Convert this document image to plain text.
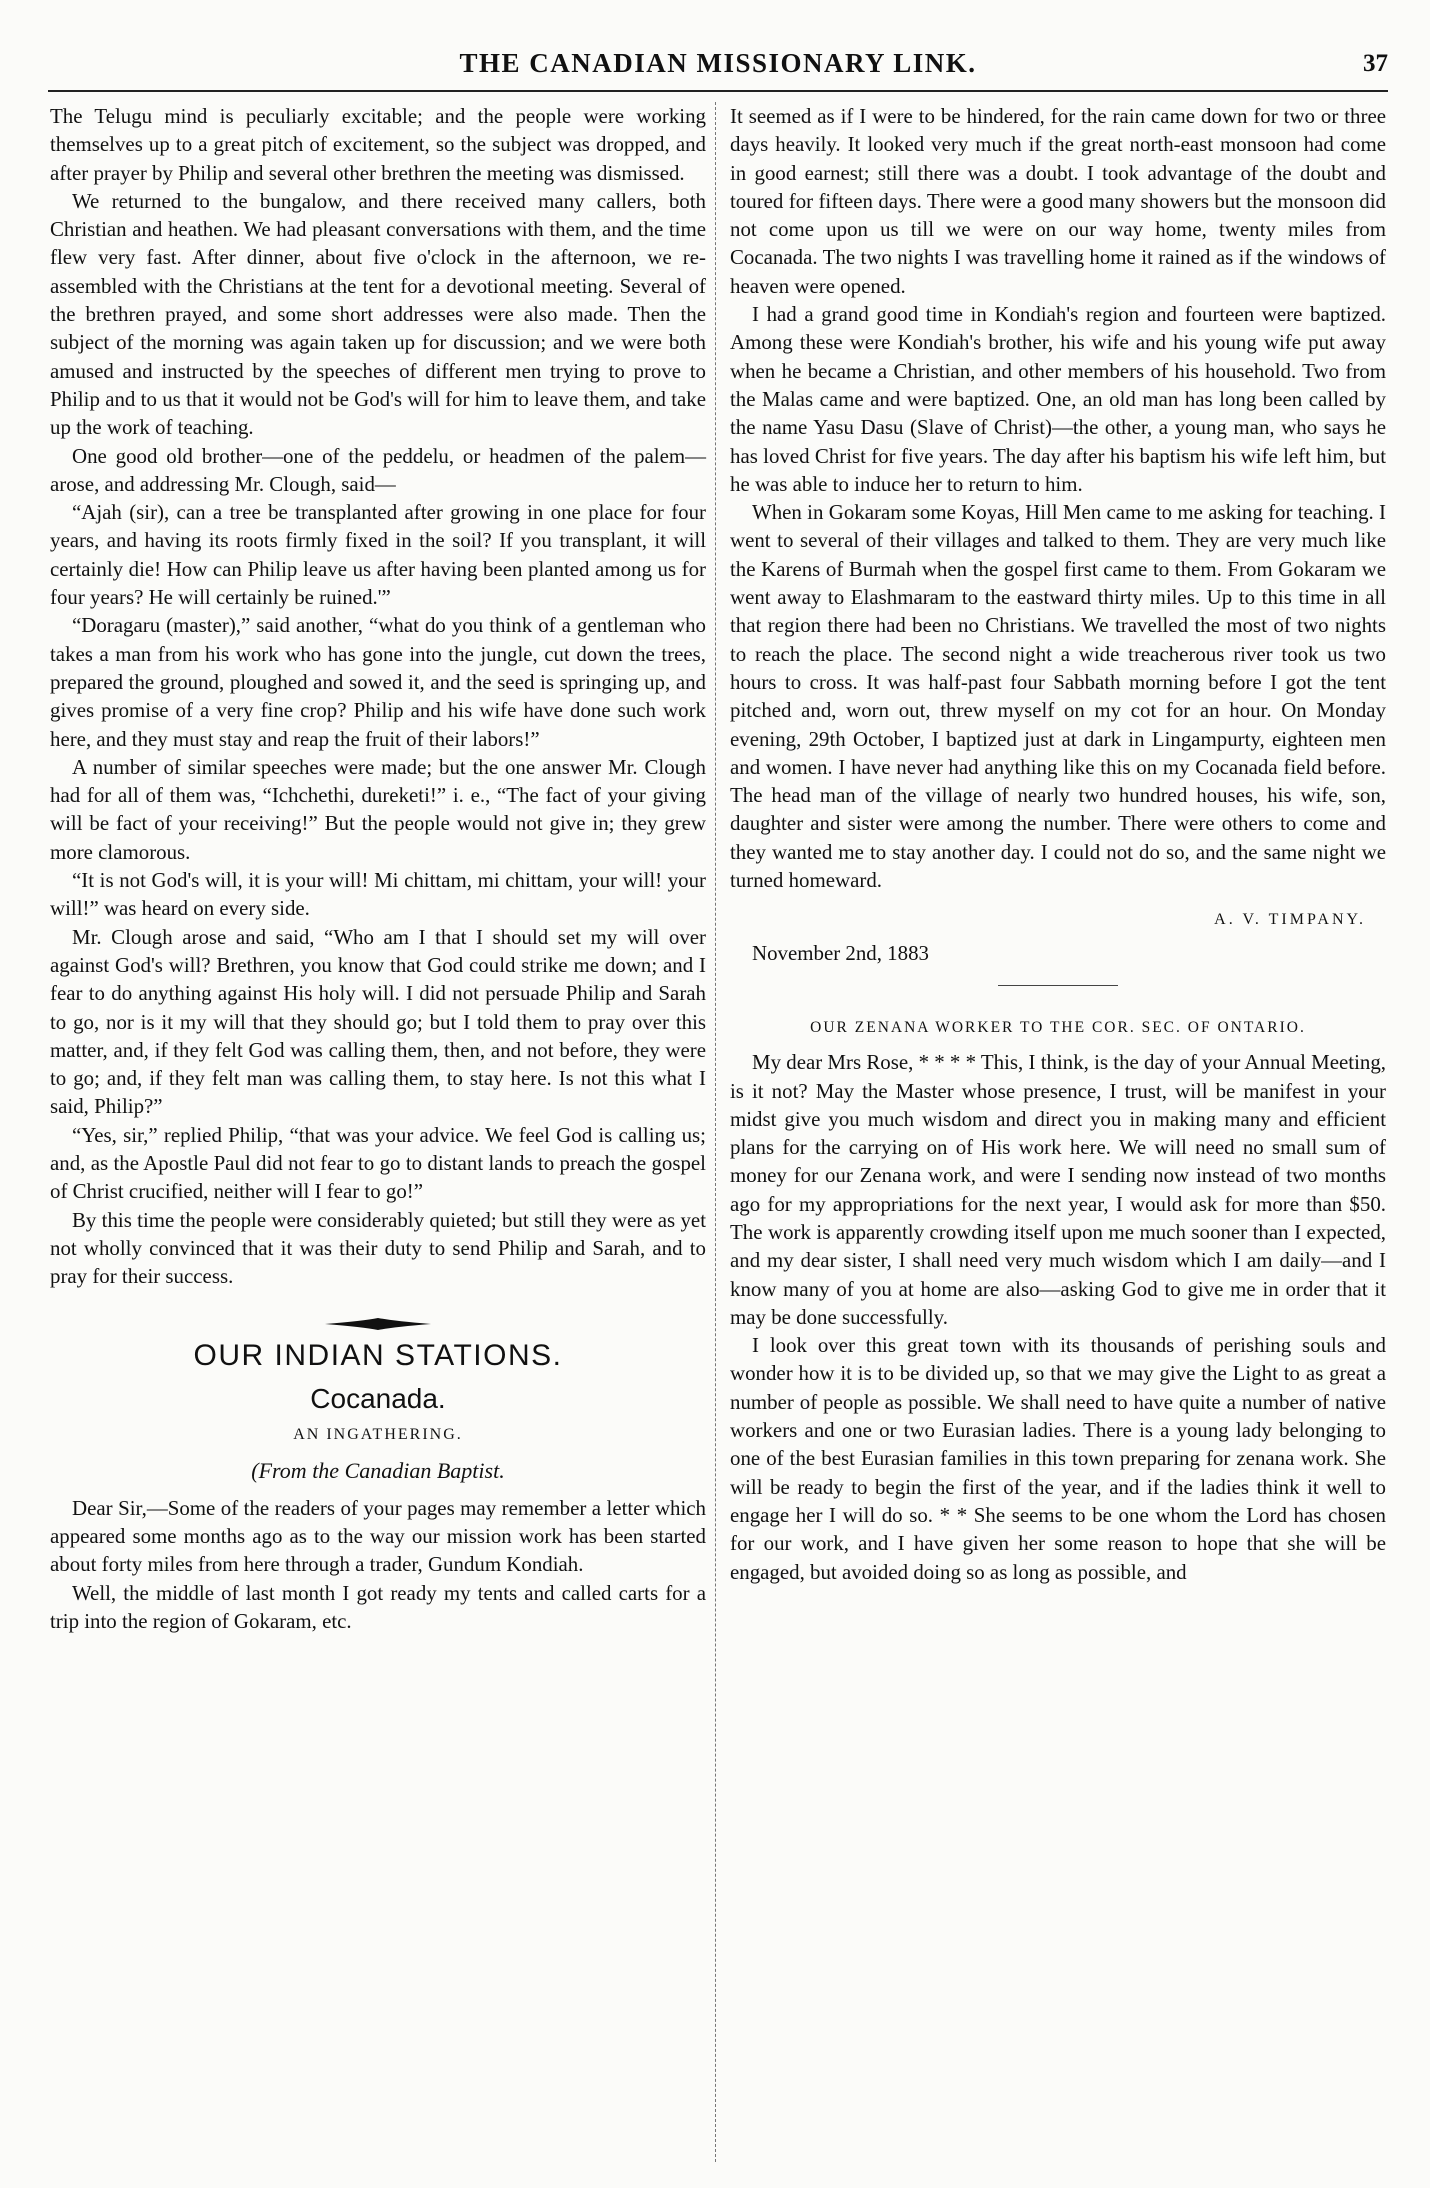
THE CANADIAN MISSIONARY LINK.	37

The Telugu mind is peculiarly excitable; and the people were working themselves up to a great pitch of excitement, so the subject was dropped, and after prayer by Philip and several other brethren the meeting was dismissed.

We returned to the bungalow, and there received many callers, both Christian and heathen. We had pleasant conversations with them, and the time flew very fast. After dinner, about five o'clock in the afternoon, we re-assembled with the Christians at the tent for a devotional meeting. Several of the brethren prayed, and some short addresses were also made. Then the subject of the morning was again taken up for discussion; and we were both amused and instructed by the speeches of different men trying to prove to Philip and to us that it would not be God's will for him to leave them, and take up the work of teaching.

One good old brother—one of the peddelu, or headmen of the palem—arose, and addressing Mr. Clough, said—

“Ajah (sir), can a tree be transplanted after growing in one place for four years, and having its roots firmly fixed in the soil? If you transplant, it will certainly die! How can Philip leave us after having been planted among us for four years? He will certainly be ruined.'”

“Doragaru (master),” said another, “what do you think of a gentleman who takes a man from his work who has gone into the jungle, cut down the trees, prepared the ground, ploughed and sowed it, and the seed is springing up, and gives promise of a very fine crop? Philip and his wife have done such work here, and they must stay and reap the fruit of their labors!”

A number of similar speeches were made; but the one answer Mr. Clough had for all of them was, “Ichchethi, dureketi!” i. e., “The fact of your giving will be fact of your receiving!” But the people would not give in; they grew more clamorous.

“It is not God's will, it is your will! Mi chittam, mi chittam, your will! your will!” was heard on every side.

Mr. Clough arose and said, “Who am I that I should set my will over against God's will? Brethren, you know that God could strike me down; and I fear to do anything against His holy will. I did not persuade Philip and Sarah to go, nor is it my will that they should go; but I told them to pray over this matter, and, if they felt God was calling them, then, and not before, they were to go; and, if they felt man was calling them, to stay here. Is not this what I said, Philip?”

“Yes, sir,” replied Philip, “that was your advice. We feel God is calling us; and, as the Apostle Paul did not fear to go to distant lands to preach the gospel of Christ crucified, neither will I fear to go!”

By this time the people were considerably quieted; but still they were as yet not wholly convinced that it was their duty to send Philip and Sarah, and to pray for their success.

OUR INDIAN STATIONS.
Cocanada.
AN INGATHERING.
(From the Canadian Baptist.

Dear Sir,—Some of the readers of your pages may remember a letter which appeared some months ago as to the way our mission work has been started about forty miles from here through a trader, Gundum Kondiah.

Well, the middle of last month I got ready my tents and called carts for a trip into the region of Gokaram, etc.

It seemed as if I were to be hindered, for the rain came down for two or three days heavily. It looked very much if the great north-east monsoon had come in good earnest; still there was a doubt. I took advantage of the doubt and toured for fifteen days. There were a good many showers but the monsoon did not come upon us till we were on our way home, twenty miles from Cocanada. The two nights I was travelling home it rained as if the windows of heaven were opened.

I had a grand good time in Kondiah's region and fourteen were baptized. Among these were Kondiah's brother, his wife and his young wife put away when he became a Christian, and other members of his household. Two from the Malas came and were baptized. One, an old man has long been called by the name Yasu Dasu (Slave of Christ)—the other, a young man, who says he has loved Christ for five years. The day after his baptism his wife left him, but he was able to induce her to return to him.

When in Gokaram some Koyas, Hill Men came to me asking for teaching. I went to several of their villages and talked to them. They are very much like the Karens of Burmah when the gospel first came to them. From Gokaram we went away to Elashmaram to the eastward thirty miles. Up to this time in all that region there had been no Christians. We travelled the most of two nights to reach the place. The second night a wide treacherous river took us two hours to cross. It was half-past four Sabbath morning before I got the tent pitched and, worn out, threw myself on my cot for an hour. On Monday evening, 29th October, I baptized just at dark in Lingampurty, eighteen men and women. I have never had anything like this on my Cocanada field before. The head man of the village of nearly two hundred houses, his wife, son, daughter and sister were among the number. There were others to come and they wanted me to stay another day. I could not do so, and the same night we turned homeward.

A. V. TIMPANY.

November 2nd, 1883

OUR ZENANA WORKER TO THE COR. SEC. OF ONTARIO.

My dear Mrs Rose, * * * * This, I think, is the day of your Annual Meeting, is it not? May the Master whose presence, I trust, will be manifest in your midst give you much wisdom and direct you in making many and efficient plans for the carrying on of His work here. We will need no small sum of money for our Zenana work, and were I sending now instead of two months ago for my appropriations for the next year, I would ask for more than $50. The work is apparently crowding itself upon me much sooner than I expected, and my dear sister, I shall need very much wisdom which I am daily—and I know many of you at home are also—asking God to give me in order that it may be done successfully.

I look over this great town with its thousands of perishing souls and wonder how it is to be divided up, so that we may give the Light to as great a number of people as possible. We shall need to have quite a number of native workers and one or two Eurasian ladies. There is a young lady belonging to one of the best Eurasian families in this town preparing for zenana work. She will be ready to begin the first of the year, and if the ladies think it well to engage her I will do so. * * She seems to be one whom the Lord has chosen for our work, and I have given her some reason to hope that she will be engaged, but avoided doing so as long as possible, and
